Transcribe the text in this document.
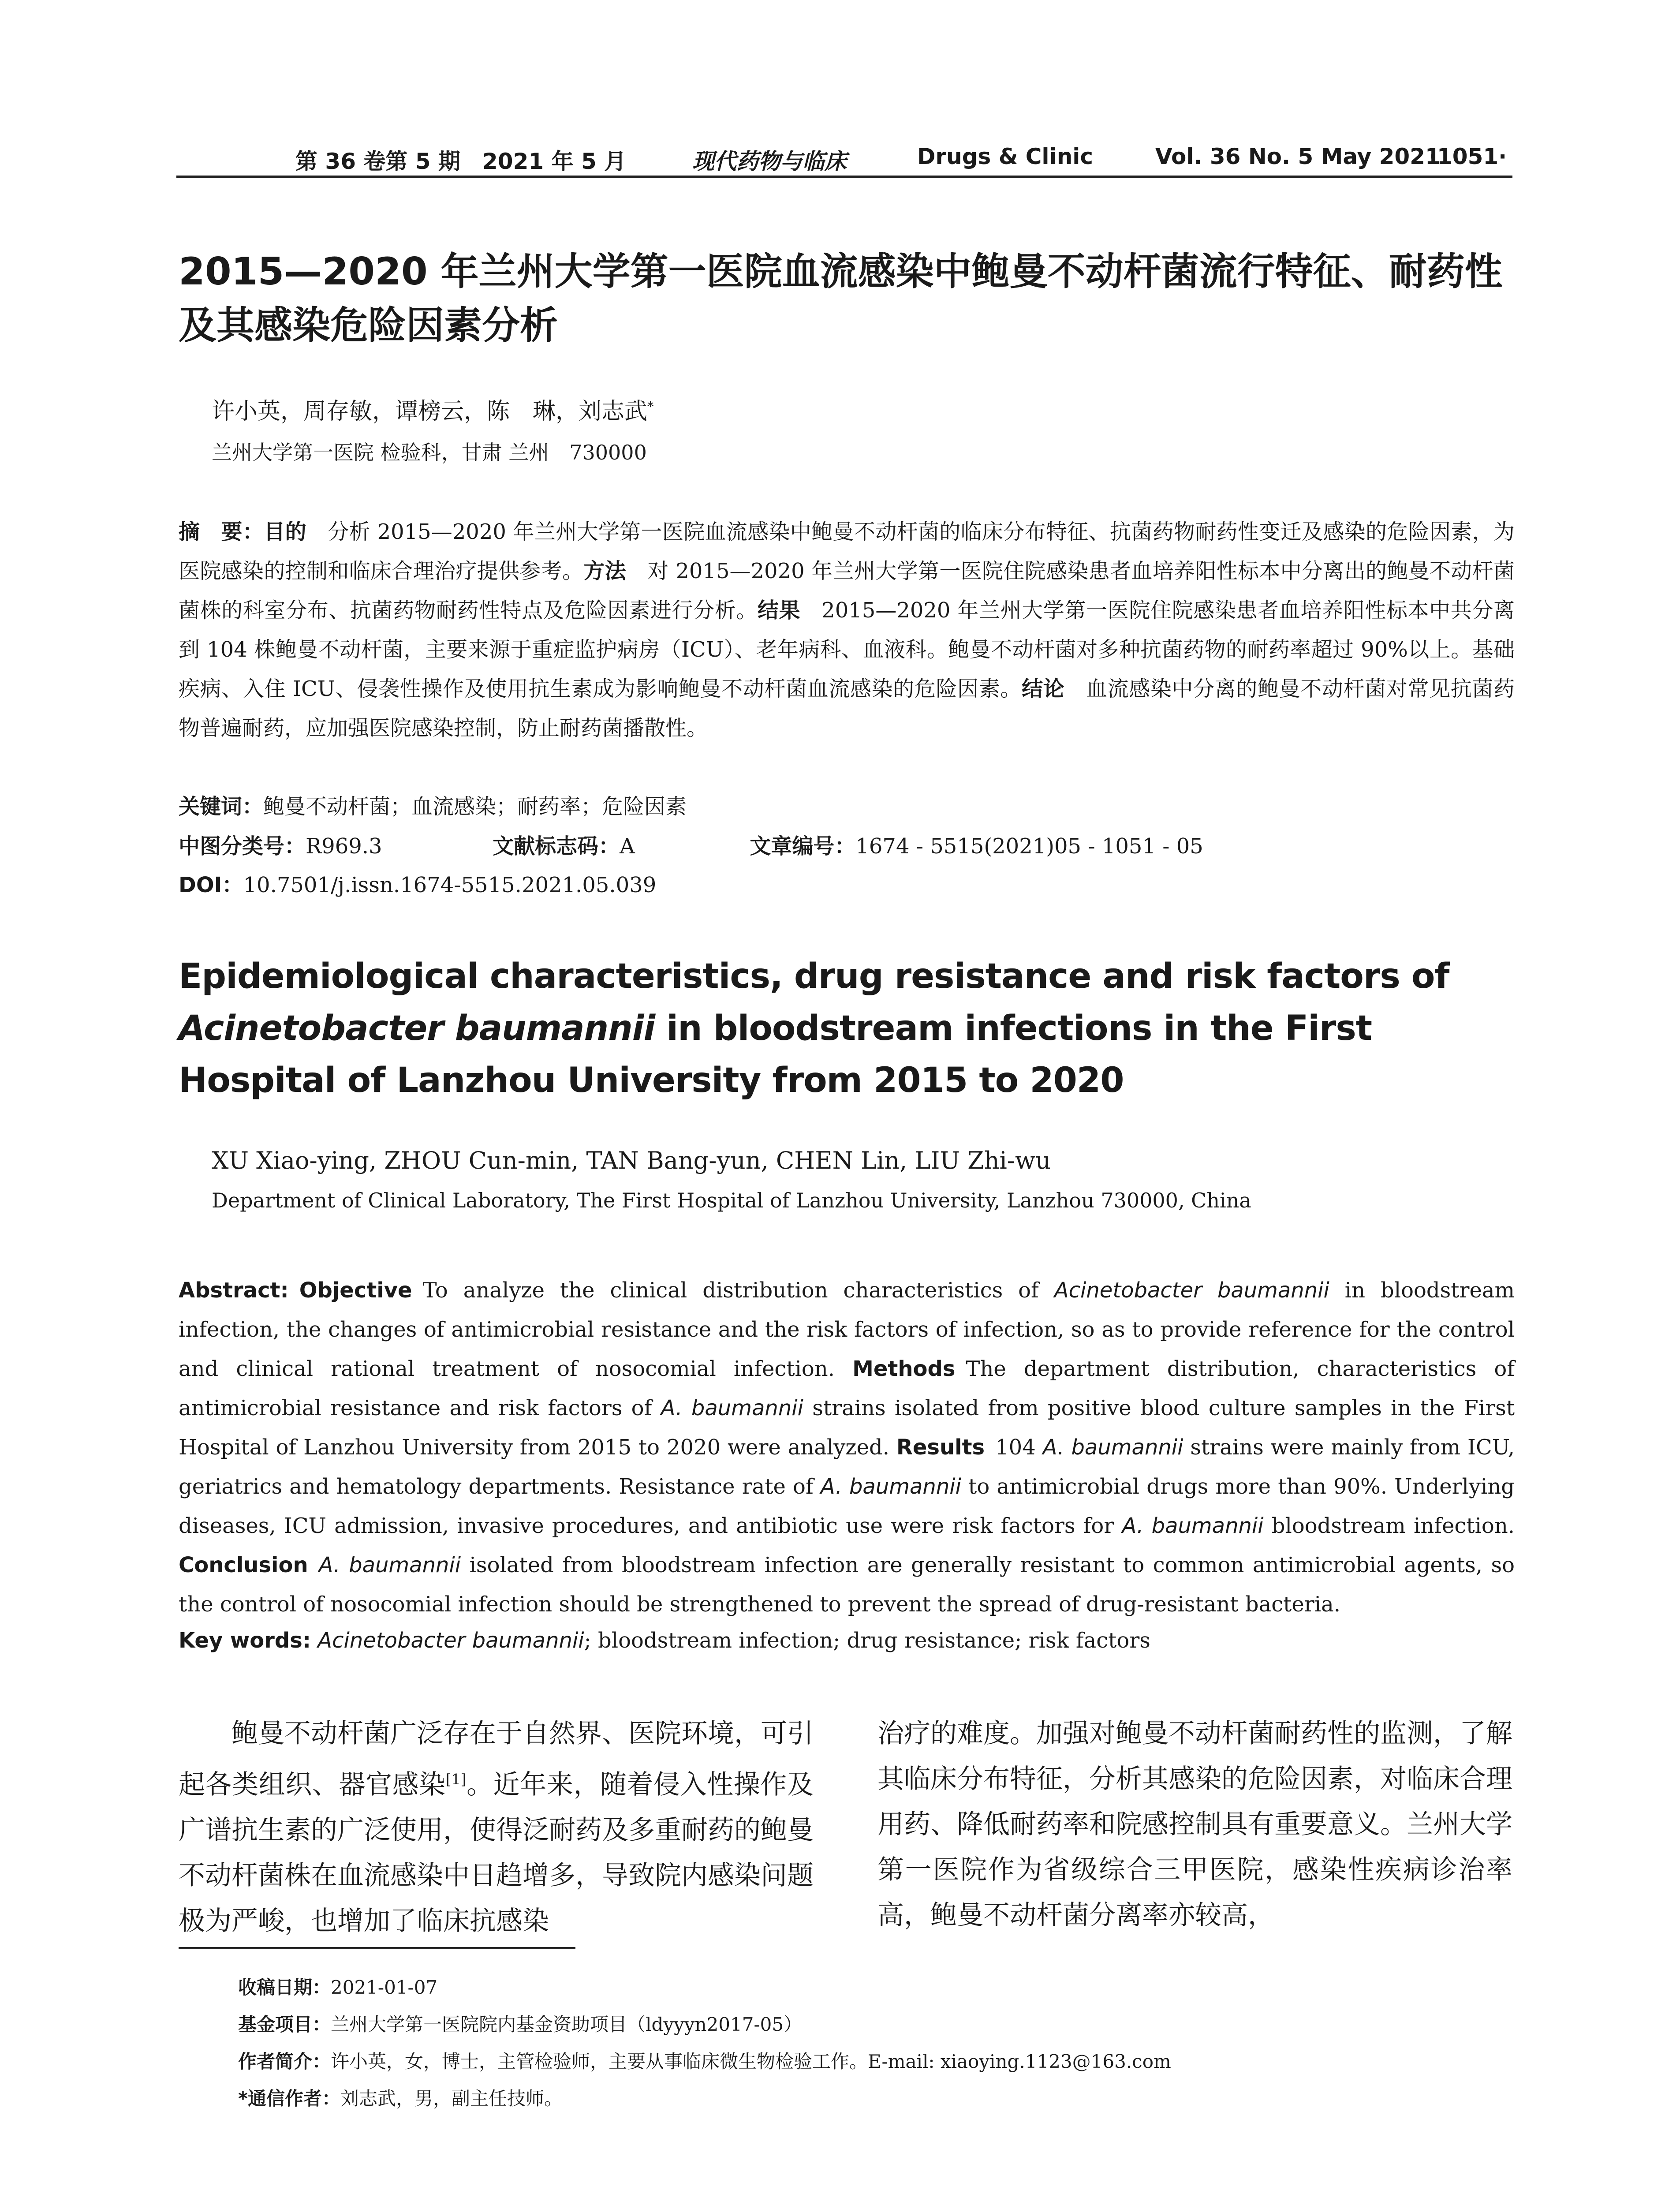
第 36 卷第 5 期　2021 年 5 月	现代药物与临床	Drugs & Clinic	Vol. 36 No. 5 May 2021
·1051·
2015—2020 年兰州大学第一医院血流感染中鲍曼不动杆菌流行特征、耐药性及其感染危险因素分析
许小英，周存敏，谭榜云，陈　琳，刘志武*
兰州大学第一医院 检验科，甘肃 兰州　730000
摘　要：目的  分析 2015—2020 年兰州大学第一医院血流感染中鲍曼不动杆菌的临床分布特征、抗菌药物耐药性变迁及感染的危险因素，为医院感染的控制和临床合理治疗提供参考。方法  对 2015—2020 年兰州大学第一医院住院感染患者血培养阳性标本中分离出的鲍曼不动杆菌菌株的科室分布、抗菌药物耐药性特点及危险因素进行分析。结果  2015—2020 年兰州大学第一医院住院感染患者血培养阳性标本中共分离到 104 株鲍曼不动杆菌，主要来源于重症监护病房（ICU）、老年病科、血液科。鲍曼不动杆菌对多种抗菌药物的耐药率超过 90%以上。基础疾病、入住 ICU、侵袭性操作及使用抗生素成为影响鲍曼不动杆菌血流感染的危险因素。结论  血流感染中分离的鲍曼不动杆菌对常见抗菌药物普遍耐药，应加强医院感染控制，防止耐药菌播散性。
关键词：鲍曼不动杆菌；血流感染；耐药率；危险因素
中图分类号：R969.3	文献标志码：A	文章编号：1674 - 5515(2021)05 - 1051 - 05
DOI：10.7501/j.issn.1674-5515.2021.05.039
Epidemiological characteristics, drug resistance and risk factors of Acinetobacter baumannii in bloodstream infections in the First Hospital of Lanzhou University from 2015 to 2020
XU Xiao-ying, ZHOU Cun-min, TAN Bang-yun, CHEN Lin, LIU Zhi-wu
Department of Clinical Laboratory, The First Hospital of Lanzhou University, Lanzhou 730000, China
Abstract:  Objective  To analyze the clinical distribution characteristics of Acinetobacter baumannii in bloodstream infection, the changes of antimicrobial resistance and the risk factors of infection, so as to provide reference for the control and clinical rational treatment of nosocomial infection. Methods  The department distribution, characteristics of antimicrobial resistance and risk factors of A. baumannii strains isolated from positive blood culture samples in the First Hospital of Lanzhou University from 2015 to 2020 were analyzed. Results  104 A. baumannii strains were mainly from ICU, geriatrics and hematology departments. Resistance rate of A. baumannii to antimicrobial drugs more than 90%. Underlying diseases, ICU admission, invasive procedures, and antibiotic use were risk factors for A. baumannii bloodstream infection. Conclusion  A. baumannii isolated from bloodstream infection are generally resistant to common antimicrobial agents, so the control of nosocomial infection should be strengthened to prevent the spread of drug-resistant bacteria.
Key words: Acinetobacter baumannii; bloodstream infection; drug resistance; risk factors
鲍曼不动杆菌广泛存在于自然界、医院环境，可引起各类组织、器官感染[1]。近年来，随着侵入性操作及广谱抗生素的广泛使用，使得泛耐药及多重耐药的鲍曼不动杆菌株在血流感染中日趋增多，导致院内感染问题极为严峻，也增加了临床抗感染
治疗的难度。加强对鲍曼不动杆菌耐药性的监测，了解其临床分布特征，分析其感染的危险因素，对临床合理用药、降低耐药率和院感控制具有重要意义。兰州大学第一医院作为省级综合三甲医院，感染性疾病诊治率高，鲍曼不动杆菌分离率亦较高，
收稿日期：2021-01-07
基金项目：兰州大学第一医院院内基金资助项目（ldyyyn2017-05）
作者简介：许小英，女，博士，主管检验师，主要从事临床微生物检验工作。E-mail: xiaoying.1123@163.com
*通信作者：刘志武，男，副主任技师。
